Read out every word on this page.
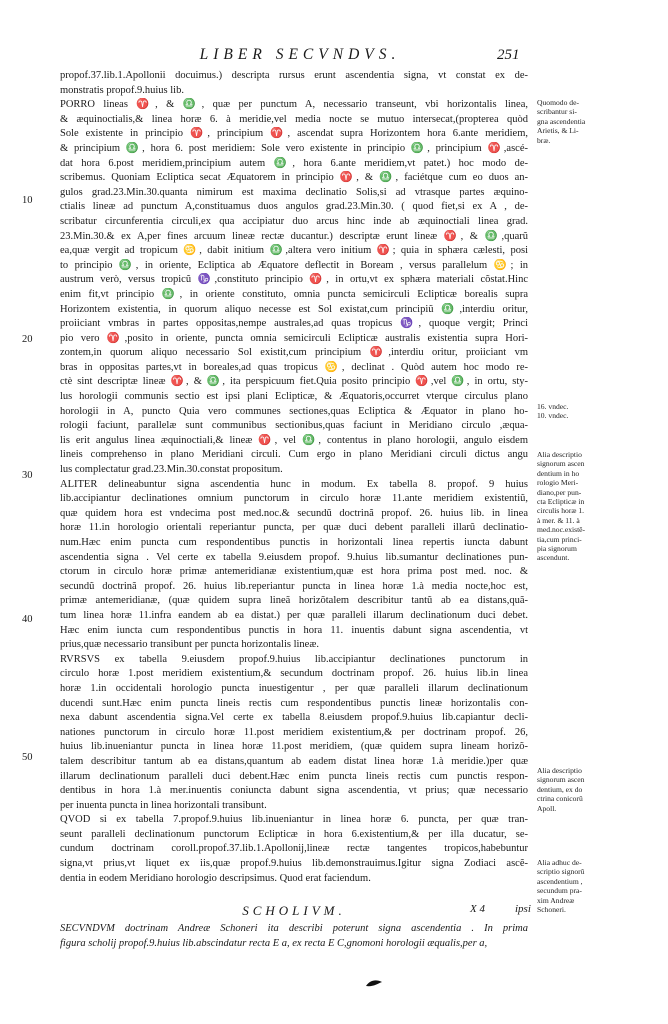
LIBER SECVNDVS.	251
propof.37.lib.1.Apollonii docuimus.) descripta rursus erunt ascendentia signa, vt constat ex de-
monstratis propof.9.huius lib.
PORRO lineas ♈, & ♎, quæ per punctum A, necessario transeunt, vbi horizontalis linea,
& æquinoctialis,& linea horæ 6. à meridie,vel media nocte se mutuo intersecat,(propterea quòd
Sole existente in principio ♈, principium ♈, ascendat supra Horizontem hora 6.ante meridiem,
& principium ♎, hora 6. post meridiem: Sole vero existente in principio ♎, principium ♈,ascé-
dat hora 6.post meridiem,principium autem ♎, hora 6.ante meridiem,vt patet.) hoc modo de-
scribemus. Quoniam Ecliptica secat Æquatorem in principio ♈, & ♎, faciétque cum eo duos an-
gulos grad.23.Min.30.quanta nimirum est maxima declinatio Solis,si ad vtrasque partes æquino-
ctialis lineæ ad punctum A,constituamus duos angulos grad.23.Min.30. ( quod fiet,si ex A , de-
scribatur circunferentia circuli,ex qua accipiatur duo arcus hinc inde ab æquinoctiali linea grad.
23.Min.30.& ex A,per fines arcuum lineæ rectæ ducantur.) descriptæ erunt lineæ ♈, & ♎,quarũ
ea,quæ vergit ad tropicum ♋, dabit initium ♎,altera vero initium ♈; quia in sphæra cælesti, posi
to principio ♎, in oriente, Ecliptica ab Æquatore deflectit in Boream , versus parallelum ♋; in
austrum verò, versus tropicũ ♑,constituto principio ♈, in ortu,vt ex sphæra materiali cõstat.Hinc
enim fit,vt principio ♎, in oriente constituto, omnia puncta semicirculi Eclipticæ borealis supra
Horizontem existentia, in quorum aliquo necesse est Sol existat,cum principiũ ♎,interdiu oritur,
proiiciant vmbras in partes oppositas,nempe australes,ad quas tropicus ♑, quoque vergit; Princi
pio vero ♈,posito in oriente, puncta omnia semicirculi Eclipticæ australis existentia supra Hori-
zontem,in quorum aliquo necessario Sol existit,cum principium ♈,interdiu oritur, proiiciant vm
bras in oppositas partes,vt in boreales,ad quas tropicus ♋, declinat . Quòd autem hoc modo re-
ctè sint descriptæ lineæ ♈, & ♎, ita perspicuum fiet.Quia posito principio ♈,vel ♎, in ortu, sty-
lus horologii communis sectio est ipsi plani Eclipticæ, & Æquatoris,occurret vterque circulus plano
horologii in A, puncto Quia vero communes sectiones,quas Ecliptica & Æquator in plano ho-
rologii faciunt, parallelæ sunt communibus sectionibus,quas faciunt in Meridiano circulo ,æqua-
lis erit angulus linea æquinoctiali,& lineæ ♈, vel ♎, contentus in plano horologii, angulo eisdem
lineis comprehenso in plano Meridiani circuli. Cum ergo in plano Meridiani circuli dictus angu
lus complectatur grad.23.Min.30.constat propositum.
ALITER delineabuntur signa ascendentia hunc in modum. Ex tabella 8. propof. 9 huius
lib.accipiantur declinationes omnium punctorum in circulo horæ 11.ante meridiem existentiũ,
quæ quidem hora est vndecima post med.noc.& secundũ doctrinã propof. 26. huius lib. in linea
horæ 11.in horologio orientali reperiantur puncta, per quæ duci debent paralleli illarũ declinatio-
num.Hæc enim puncta cum respondentibus punctis in horizontali linea repertis iuncta dabunt
ascendentia signa . Vel certe ex tabella 9.eiusdem propof. 9.huius lib.sumantur declinationes pun-
ctorum in circulo horæ primæ antemeridianæ existentium,quæ est hora prima post med. noc. &
secundũ doctrinã propof. 26. huius lib.reperiantur puncta in linea horæ 1.à media nocte,hoc est,
primæ antemeridianæ, (quæ quidem supra lineã horizõtalem describitur tantũ ab ea distans,quã-
tum linea horæ 11.infra eandem ab ea distat.) per quæ paralleli illarum declinationum duci debet.
Hæc enim iuncta cum respondentibus punctis in hora 11. inuentis dabunt signa ascendentia, vt
prius,quæ necessario transibunt per puncta horizontalis lineæ.
RVRSVS ex tabella 9.eiusdem propof.9.huius lib.accipiantur declinationes punctorum in
circulo horæ 1.post meridiem existentium,& secundum doctrinam propof. 26. huius lib.in linea
horæ 1.in occidentali horologio puncta inuestigentur , per quæ paralleli illarum declinationum
ducendi sunt.Hæc enim puncta lineis rectis cum respondentibus punctis lineæ horizontalis con-
nexa dabunt ascendentia signa.Vel certe ex tabella 8.eiusdem propof.9.huius lib.capiantur decli-
nationes punctorum in circulo horæ 11.post meridiem existentium,& per doctrinam propof. 26,
huius lib.inueniantur puncta in linea horæ 11.post meridiem, (quæ quidem supra lineam horizõ-
talem describitur tantum ab ea distans,quantum ab eadem distat linea horæ 1.à meridie.)per quæ
illarum declinationum paralleli duci debent.Hæc enim puncta lineis rectis cum punctis respon-
dentibus in hora 1.à mer.inuentis coniuncta dabunt signa ascendentia, vt prius; quæ necessario
per inuenta puncta in linea horizontali transibunt.
QVOD si ex tabella 7.propof.9.huius lib.inueniantur in linea horæ 6. puncta, per quæ tran-
seunt paralleli declinationum punctorum Eclipticæ in hora 6.existentium,& per illa ducatur, se-
cundum doctrinam coroll.propof.37.lib.1.Apollonij,lineæ rectæ tangentes tropicos,habebuntur
signa,vt prius,vt liquet ex iis,quæ propof.9.huius lib.demonstrauimus.Igitur signa Zodiaci ascẽ-
dentia in eodem Meridiano horologio descripsimus. Quod erat faciendum.
SCHOLIVM.
SECVNDVM doctrinam Andreæ Schoneri ita describi poterunt signa ascendentia . In prima
figura scholij propof.9.huius lib.abscindatur recta E a, ex recta E C,gnomoni horologii æqualis,per a,
10
20
30
40
50
Quomodo de-
scribantur si-
gna ascendentia
Arietis, & Li-
bræ.
16. vndec.
10. vndec.
Alia descriptio
signorum ascen
dentium in ho
rologio Meri-
diano,per pun-
cta Eclipticæ in
circulis horæ 1.
à mer. & 11. à
med.noc.existẽ-
tia,cum princi-
pia signorum
ascendunt.
Alia descriptio
signorum ascen
dentium, ex do
ctrina conicorũ
Apoll.
Alia adhuc de-
scriptio signorũ
ascendentium ,
secundum pra-
xim Andreæ
Schoneri.
X 4	ipsi
